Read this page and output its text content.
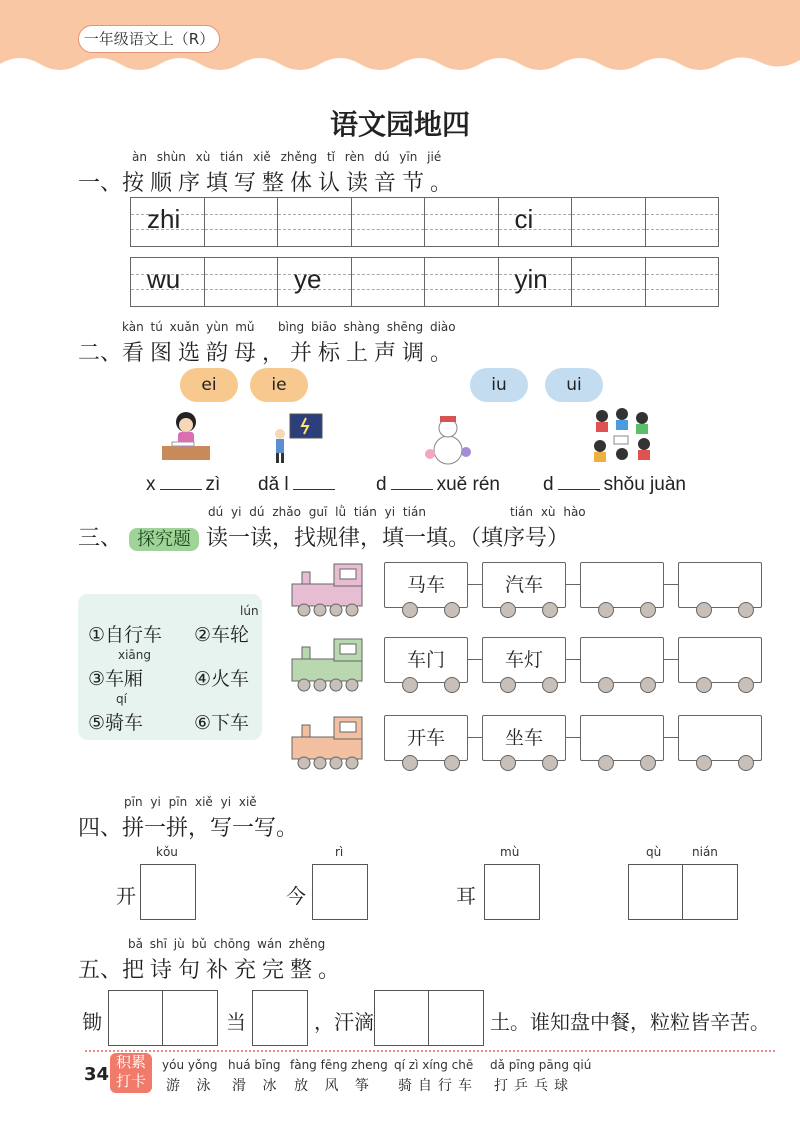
一年级语文上（R）
语文园地四
àn shùn xù tián xiě zhěng tǐ rèn dú yīn jié
一、按顺序填写整体认读音节。
zhi	ci
wu	ye	yin
kàn tú xuǎn yùn mǔ bìng biāo shàng shēng diào
二、看图选韵母，并标上声调。
ei	ie	iu	ui
x	zì dǎ l	d	xuě rén d	shǒu juàn
dú yi dú zhǎo guī lǜ tián yi tián	tián xù hào
三、 探究题 读一读，找规律，填一填。（填序号）
lún
①自行车 ②车轮
xiāng
③车厢	④火车
qí
⑤骑车	⑥下车
马车	汽车
车门	车灯
开车	坐车
pīn yi pīn xiě yi xiě
四、拼一拼，写一写。
kǒu
开
rì
今
mù
耳
qù	nián
bǎ shī jù bǔ chōng wán zhěng
五、把诗句补充完整。
锄	当	，汗滴	土。谁知盘中餐，粒粒皆辛苦。
34
积累
打卡
yóu yǒng
游 泳
huá bīng
滑 冰
fàng fēng zheng
放 风 筝
qí zì xíng chē
骑自行车
dǎ pīng pāng qiú
打乒乓球
